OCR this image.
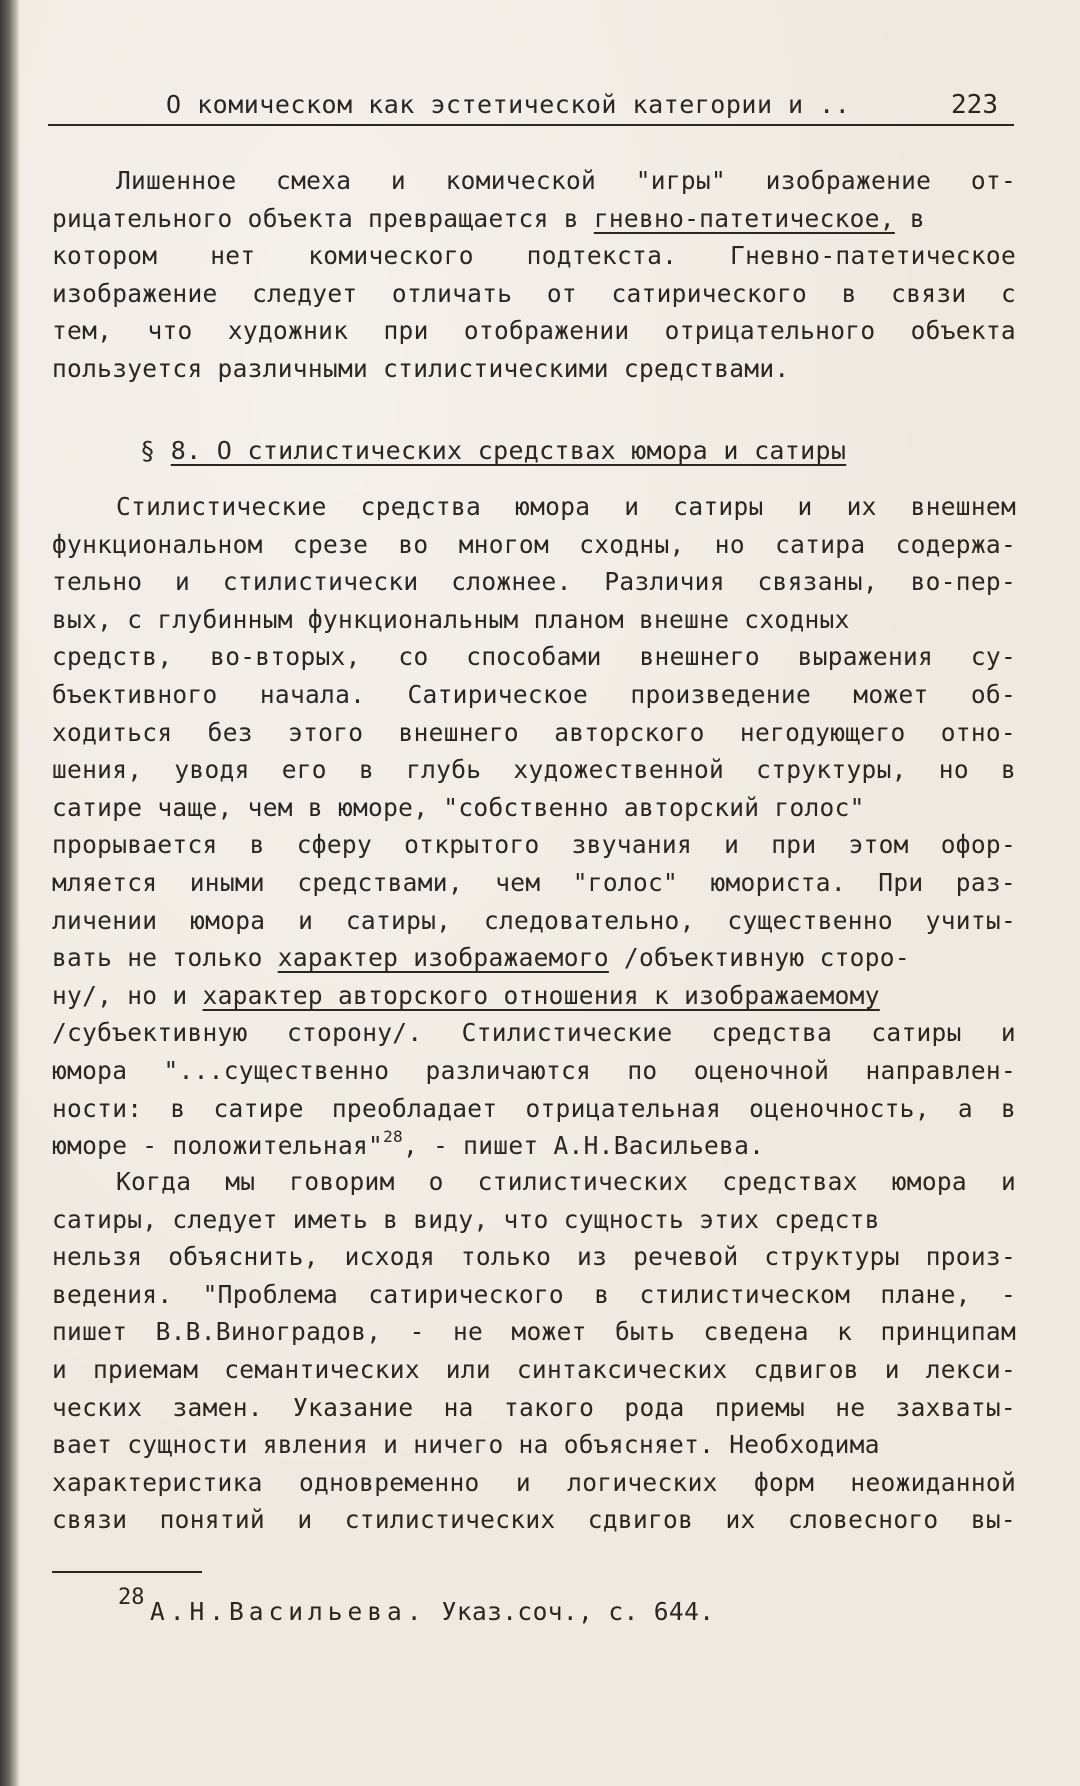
О комическом как эстетической категории и ..	223
Лишенное смеха и комической "игры" изображение от-
рицательного объекта превращается в гневно-патетическое, в
котором нет комического подтекста. Гневно-патетическое
изображение следует отличать от сатирического в связи с
тем, что художник при отображении отрицательного объекта
пользуется различными стилистическими средствами.
§ 8. О стилистических средствах юмора и сатиры
Стилистические средства юмора и сатиры и их внешнем
функциональном срезе во многом сходны, но сатира содержа-
тельно и стилистически сложнее. Различия связаны, во-пер-
вых, с глубинным функциональным планом внешне сходных
средств, во-вторых, со способами внешнего выражения су-
бъективного начала. Сатирическое произведение может об-
ходиться без этого внешнего авторского негодующего отно-
шения, уводя его в глубь художественной структуры, но в
сатире чаще, чем в юморе, "собственно авторский голос"
прорывается в сферу открытого звучания и при этом офор-
мляется иными средствами, чем "голос" юмориста. При раз-
личении юмора и сатиры, следовательно, существенно учиты-
вать не только характер изображаемого /объективную сторо-
ну/, но и характер авторского отношения к изображаемому
/субъективную сторону/. Стилистические средства сатиры и
юмора "...существенно различаются по оценочной направлен-
ности: в сатире преобладает отрицательная оценочность, а в
юморе - положительная"$^{28}$, - пишет А.Н.Васильева.
Когда мы говорим о стилистических средствах юмора и
сатиры, следует иметь в виду, что сущность этих средств
нельзя объяснить, исходя только из речевой структуры произ-
ведения. "Проблема сатирического в стилистическом плане, -
пишет В.В.Виноградов, - не может быть сведена к принципам
и приемам семантических или синтаксических сдвигов и лекси-
ческих замен. Указание на такого рода приемы не захваты-
вает сущности явления и ничего на объясняет. Необходима
характеристика одновременно и логических форм неожиданной
связи понятий и стилистических сдвигов их словесного вы-
28 А.Н.Васильева. Указ.соч., с. 644.
